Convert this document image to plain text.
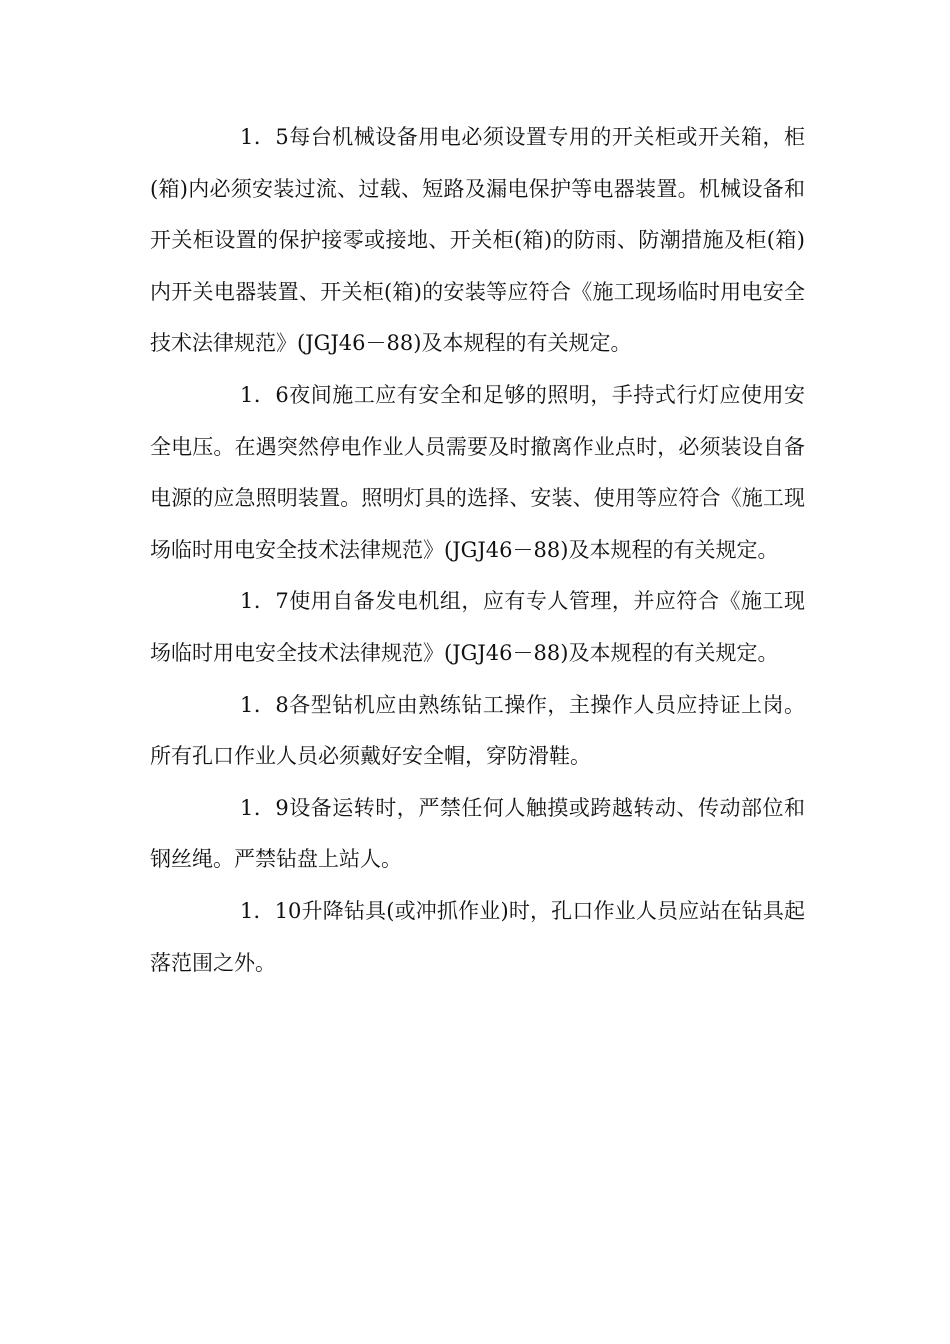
1．5每台机械设备用电必须设置专用的开关柜或开关箱，柜(箱)内必须安装过流、过载、短路及漏电保护等电器装置。机械设备和开关柜设置的保护接零或接地、开关柜(箱)的防雨、防潮措施及柜(箱)内开关电器装置、开关柜(箱)的安装等应符合《施工现场临时用电安全技术法律规范》(JGJ46－88)及本规程的有关规定。

1．6夜间施工应有安全和足够的照明，手持式行灯应使用安全电压。在遇突然停电作业人员需要及时撤离作业点时，必须装设自备电源的应急照明装置。照明灯具的选择、安装、使用等应符合《施工现场临时用电安全技术法律规范》(JGJ46－88)及本规程的有关规定。

1．7使用自备发电机组，应有专人管理，并应符合《施工现场临时用电安全技术法律规范》(JGJ46－88)及本规程的有关规定。

1．8各型钻机应由熟练钻工操作，主操作人员应持证上岗。所有孔口作业人员必须戴好安全帽，穿防滑鞋。

1．9设备运转时，严禁任何人触摸或跨越转动、传动部位和钢丝绳。严禁钻盘上站人。

1．10升降钻具(或冲抓作业)时，孔口作业人员应站在钻具起落范围之外。
